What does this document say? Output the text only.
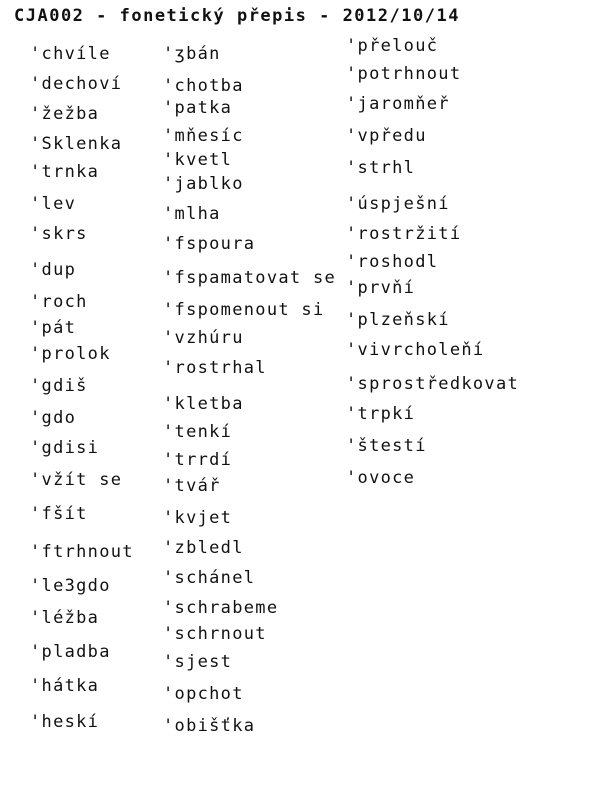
CJA002 - fonetický přepis - 2012/10/14
'chvíle
'dechoví
'žežba
'Sklenka
'trnka
'lev
'skrs
'dup
'roch
'pát
'prolok
'gdiš
'gdo
'gdisi
'vžít se
'fšít
'ftrhnout
'le3gdo
'léžba
'pladba
'hátka
'heskí
'ʒbán
'chotba
'patka
'mňesíc
'kvetl
'jablko
'mlha
'fspoura
'fspamatovat se
'fspomenout si
'vzhúru
'rostrhal
'kletba
'tenkí
'trrdí
'tvář
'kvjet
'zbledl
'schánel
'schrabeme
'schrnout
'sjest
'opchot
'obišťka
'přelouč
'potrhnout
'jaromňeř
'vpředu
'strhl
'úspješní
'rostržití
'roshodl
'prvňí
'plzeňskí
'vivrcholeňí
'sprostředkovat
'trpkí
'štestí
'ovoce
